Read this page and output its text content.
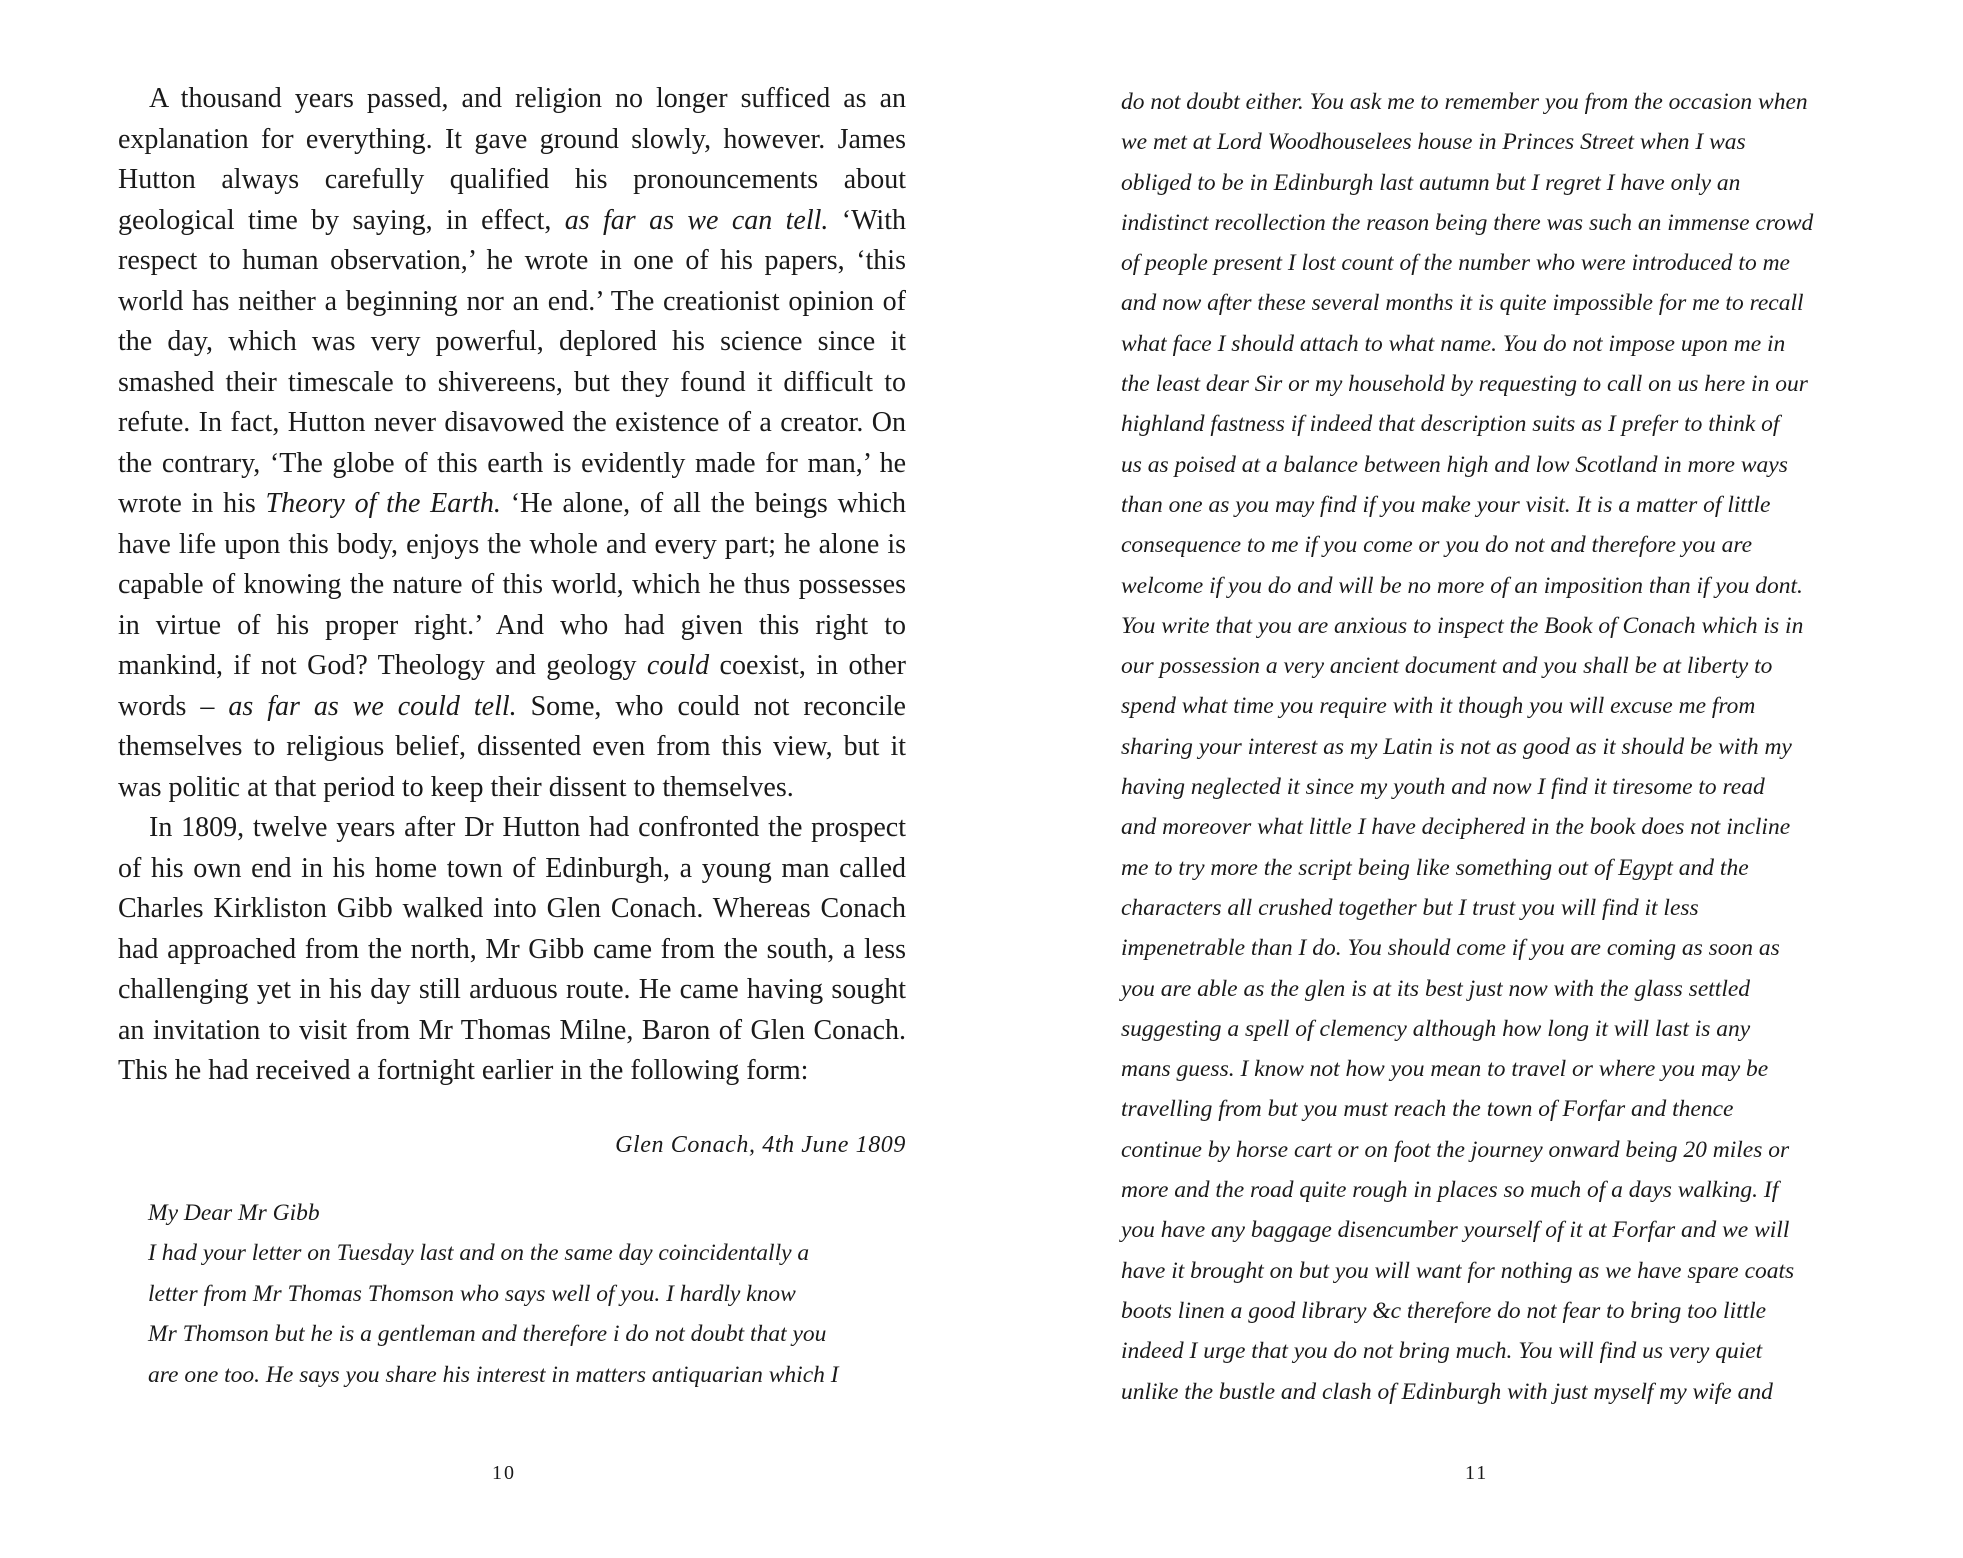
A thousand years passed, and religion no longer sufficed as an explanation for everything. It gave ground slowly, however. James Hutton always carefully qualified his pronouncements about geological time by saying, in effect, as far as we can tell. ‘With respect to human observation,’ he wrote in one of his papers, ‘this world has neither a beginning nor an end.’ The creationist opinion of the day, which was very powerful, deplored his science since it smashed their timescale to shivereens, but they found it difficult to refute. In fact, Hutton never disavowed the existence of a creator. On the contrary, ‘The globe of this earth is evidently made for man,’ he wrote in his Theory of the Earth. ‘He alone, of all the beings which have life upon this body, enjoys the whole and every part; he alone is capable of knowing the nature of this world, which he thus possesses in virtue of his proper right.’ And who had given this right to mankind, if not God? Theology and geology could coexist, in other words – as far as we could tell. Some, who could not reconcile themselves to religious belief, dissented even from this view, but it was politic at that period to keep their dissent to themselves.

In 1809, twelve years after Dr Hutton had confronted the prospect of his own end in his home town of Edinburgh, a young man called Charles Kirkliston Gibb walked into Glen Conach. Whereas Conach had approached from the north, Mr Gibb came from the south, a less challenging yet in his day still arduous route. He came having sought an invitation to visit from Mr Thomas Milne, Baron of Glen Conach. This he had received a fortnight earlier in the following form:

Glen Conach, 4th June 1809

My Dear Mr Gibb

I had your letter on Tuesday last and on the same day coincidentally a
letter from Mr Thomas Thomson who says well of you. I hardly know
Mr Thomson but he is a gentleman and therefore i do not doubt that you
are one too. He says you share his interest in matters antiquarian which I
10
do not doubt either. You ask me to remember you from the occasion when
we met at Lord Woodhouselees house in Princes Street when I was
obliged to be in Edinburgh last autumn but I regret I have only an
indistinct recollection the reason being there was such an immense crowd
of people present I lost count of the number who were introduced to me
and now after these several months it is quite impossible for me to recall
what face I should attach to what name. You do not impose upon me in
the least dear Sir or my household by requesting to call on us here in our
highland fastness if indeed that description suits as I prefer to think of
us as poised at a balance between high and low Scotland in more ways
than one as you may find if you make your visit. It is a matter of little
consequence to me if you come or you do not and therefore you are
welcome if you do and will be no more of an imposition than if you dont.
You write that you are anxious to inspect the Book of Conach which is in
our possession a very ancient document and you shall be at liberty to
spend what time you require with it though you will excuse me from
sharing your interest as my Latin is not as good as it should be with my
having neglected it since my youth and now I find it tiresome to read
and moreover what little I have deciphered in the book does not incline
me to try more the script being like something out of Egypt and the
characters all crushed together but I trust you will find it less
impenetrable than I do. You should come if you are coming as soon as
you are able as the glen is at its best just now with the glass settled
suggesting a spell of clemency although how long it will last is any
mans guess. I know not how you mean to travel or where you may be
travelling from but you must reach the town of Forfar and thence
continue by horse cart or on foot the journey onward being 20 miles or
more and the road quite rough in places so much of a days walking. If
you have any baggage disencumber yourself of it at Forfar and we will
have it brought on but you will want for nothing as we have spare coats
boots linen a good library &c therefore do not fear to bring too little
indeed I urge that you do not bring much. You will find us very quiet
unlike the bustle and clash of Edinburgh with just myself my wife and
11
